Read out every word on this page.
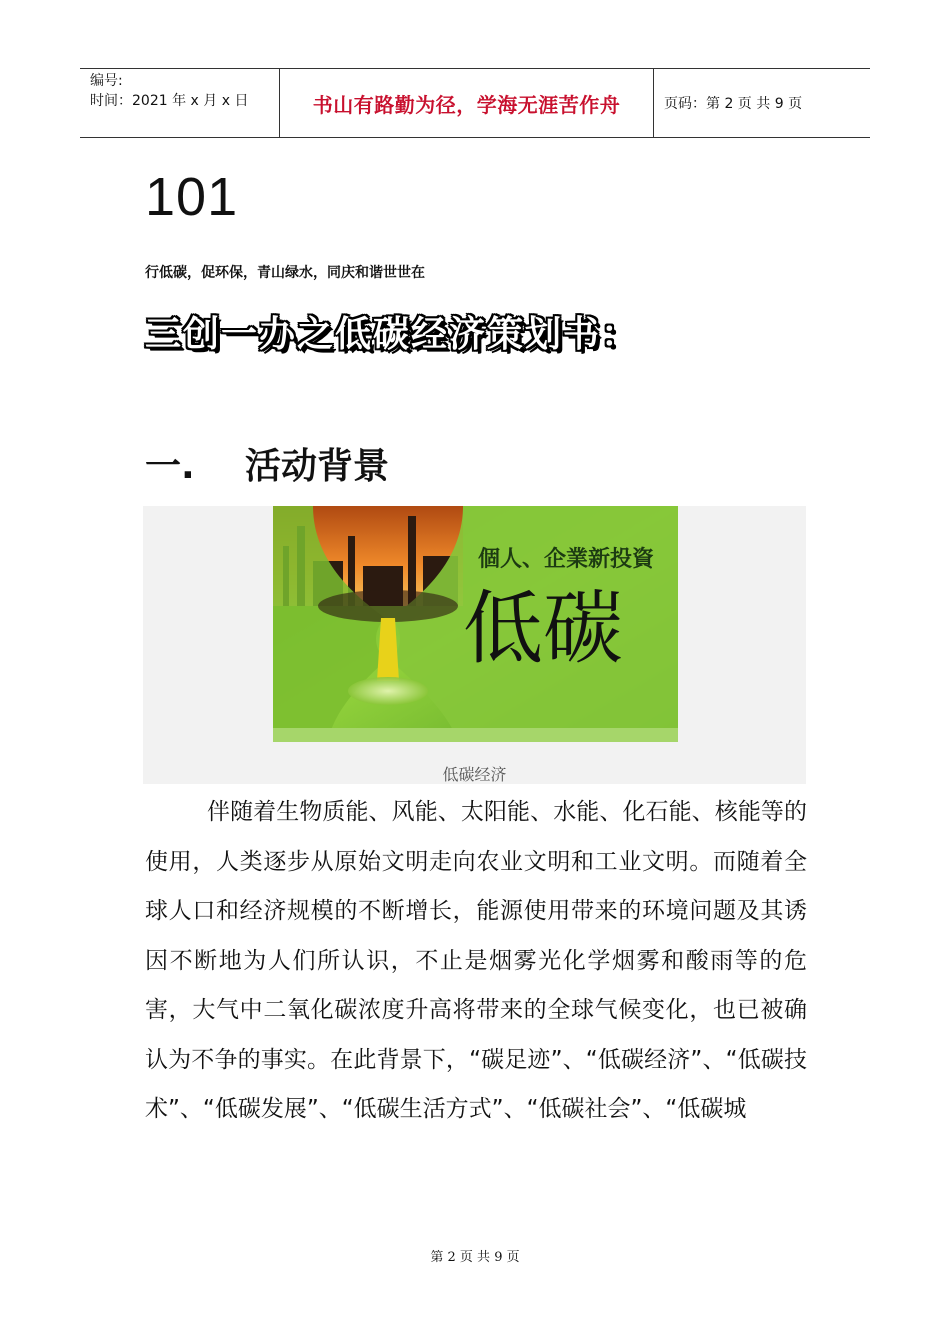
编号:
时间：2021 年 x 月 x 日	书山有路勤为径，学海无涯苦作舟	页码：第 2 页 共 9 页
101
行低碳，促环保，青山绿水，同庆和谐世世在
三创一办之低碳经济策划书：
一.	活动背景
個人、企業新投資
低碳
低碳经济
伴随着生物质能、风能、太阳能、水能、化石能、核能等的使用，人类逐步从原始文明走向农业文明和工业文明。而随着全球人口和经济规模的不断增长，能源使用带来的环境问题及其诱因不断地为人们所认识，不止是烟雾光化学烟雾和酸雨等的危害，大气中二氧化碳浓度升高将带来的全球气候变化，也已被确认为不争的事实。在此背景下，“碳足迹”、“低碳经济”、“低碳技术”、“低碳发展”、“低碳生活方式”、“低碳社会”、“低碳城
第 2 页 共 9 页
